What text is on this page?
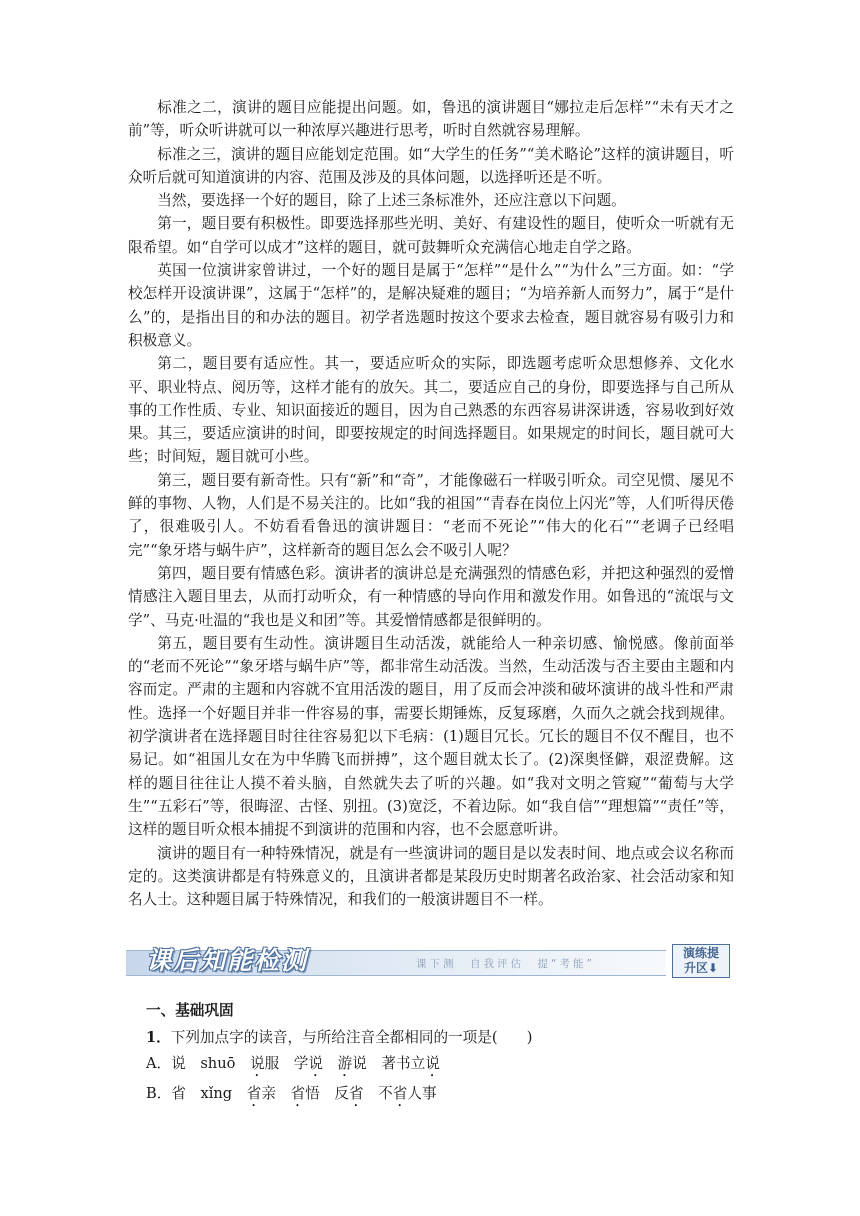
标准之二，演讲的题目应能提出问题。如，鲁迅的演讲题目“娜拉走后怎样”“未有天才之前”等，听众听讲就可以一种浓厚兴趣进行思考，听时自然就容易理解。

标准之三，演讲的题目应能划定范围。如“大学生的任务”“美术略论”这样的演讲题目，听众听后就可知道演讲的内容、范围及涉及的具体问题，以选择听还是不听。

当然，要选择一个好的题目，除了上述三条标准外，还应注意以下问题。

第一，题目要有积极性。即要选择那些光明、美好、有建设性的题目，使听众一听就有无限希望。如“自学可以成才”这样的题目，就可鼓舞听众充满信心地走自学之路。

英国一位演讲家曾讲过，一个好的题目是属于“怎样”“是什么”“为什么”三方面。如：“学校怎样开设演讲课”，这属于“怎样”的，是解决疑难的题目；“为培养新人而努力”，属于“是什么”的，是指出目的和办法的题目。初学者选题时按这个要求去检查，题目就容易有吸引力和积极意义。

第二，题目要有适应性。其一，要适应听众的实际，即选题考虑听众思想修养、文化水平、职业特点、阅历等，这样才能有的放矢。其二，要适应自己的身份，即要选择与自己所从事的工作性质、专业、知识面接近的题目，因为自己熟悉的东西容易讲深讲透，容易收到好效果。其三，要适应演讲的时间，即要按规定的时间选择题目。如果规定的时间长，题目就可大些；时间短，题目就可小些。

第三，题目要有新奇性。只有“新”和“奇”，才能像磁石一样吸引听众。司空见惯、屡见不鲜的事物、人物，人们是不易关注的。比如“我的祖国”“青春在岗位上闪光”等，人们听得厌倦了，很难吸引人。不妨看看鲁迅的演讲题目：“老而不死论”“伟大的化石”“老调子已经唱完”“象牙塔与蜗牛庐”，这样新奇的题目怎么会不吸引人呢？

第四，题目要有情感色彩。演讲者的演讲总是充满强烈的情感色彩，并把这种强烈的爱憎情感注入题目里去，从而打动听众，有一种情感的导向作用和激发作用。如鲁迅的“流氓与文学”、马克·吐温的“我也是义和团”等。其爱憎情感都是很鲜明的。

第五，题目要有生动性。演讲题目生动活泼，就能给人一种亲切感、愉悦感。像前面举的“老而不死论”“象牙塔与蜗牛庐”等，都非常生动活泼。当然，生动活泼与否主要由主题和内容而定。严肃的主题和内容就不宜用活泼的题目，用了反而会冲淡和破坏演讲的战斗性和严肃性。选择一个好题目并非一件容易的事，需要长期锤炼，反复琢磨，久而久之就会找到规律。初学演讲者在选择题目时往往容易犯以下毛病：(1)题目冗长。冗长的题目不仅不醒目，也不易记。如“祖国儿女在为中华腾飞而拼搏”，这个题目就太长了。(2)深奥怪僻，艰涩费解。这样的题目往往让人摸不着头脑，自然就失去了听的兴趣。如“我对文明之管窥”“葡萄与大学生”“五彩石”等，很晦涩、古怪、别扭。(3)宽泛，不着边际。如“我自信”“理想篇”“责任”等，这样的题目听众根本捕捉不到演讲的范围和内容，也不会愿意听讲。

演讲的题目有一种特殊情况，就是有一些演讲词的题目是以发表时间、地点或会议名称而定的。这类演讲都是有特殊意义的，且演讲者都是某段历史时期著名政治家、社会活动家和知名人士。这种题目属于特殊情况，和我们的一般演讲题目不一样。

课后知能检测	课下测　自我评估　提“考能”
演练提
升区⬇

一、基础巩固

1．下列加点字的读音，与所给注音全都相同的一项是(　　)

A．说　shuō　说服　学说　游说　著书立说

B．省　xǐng　省亲　省悟　反省　不省人事
